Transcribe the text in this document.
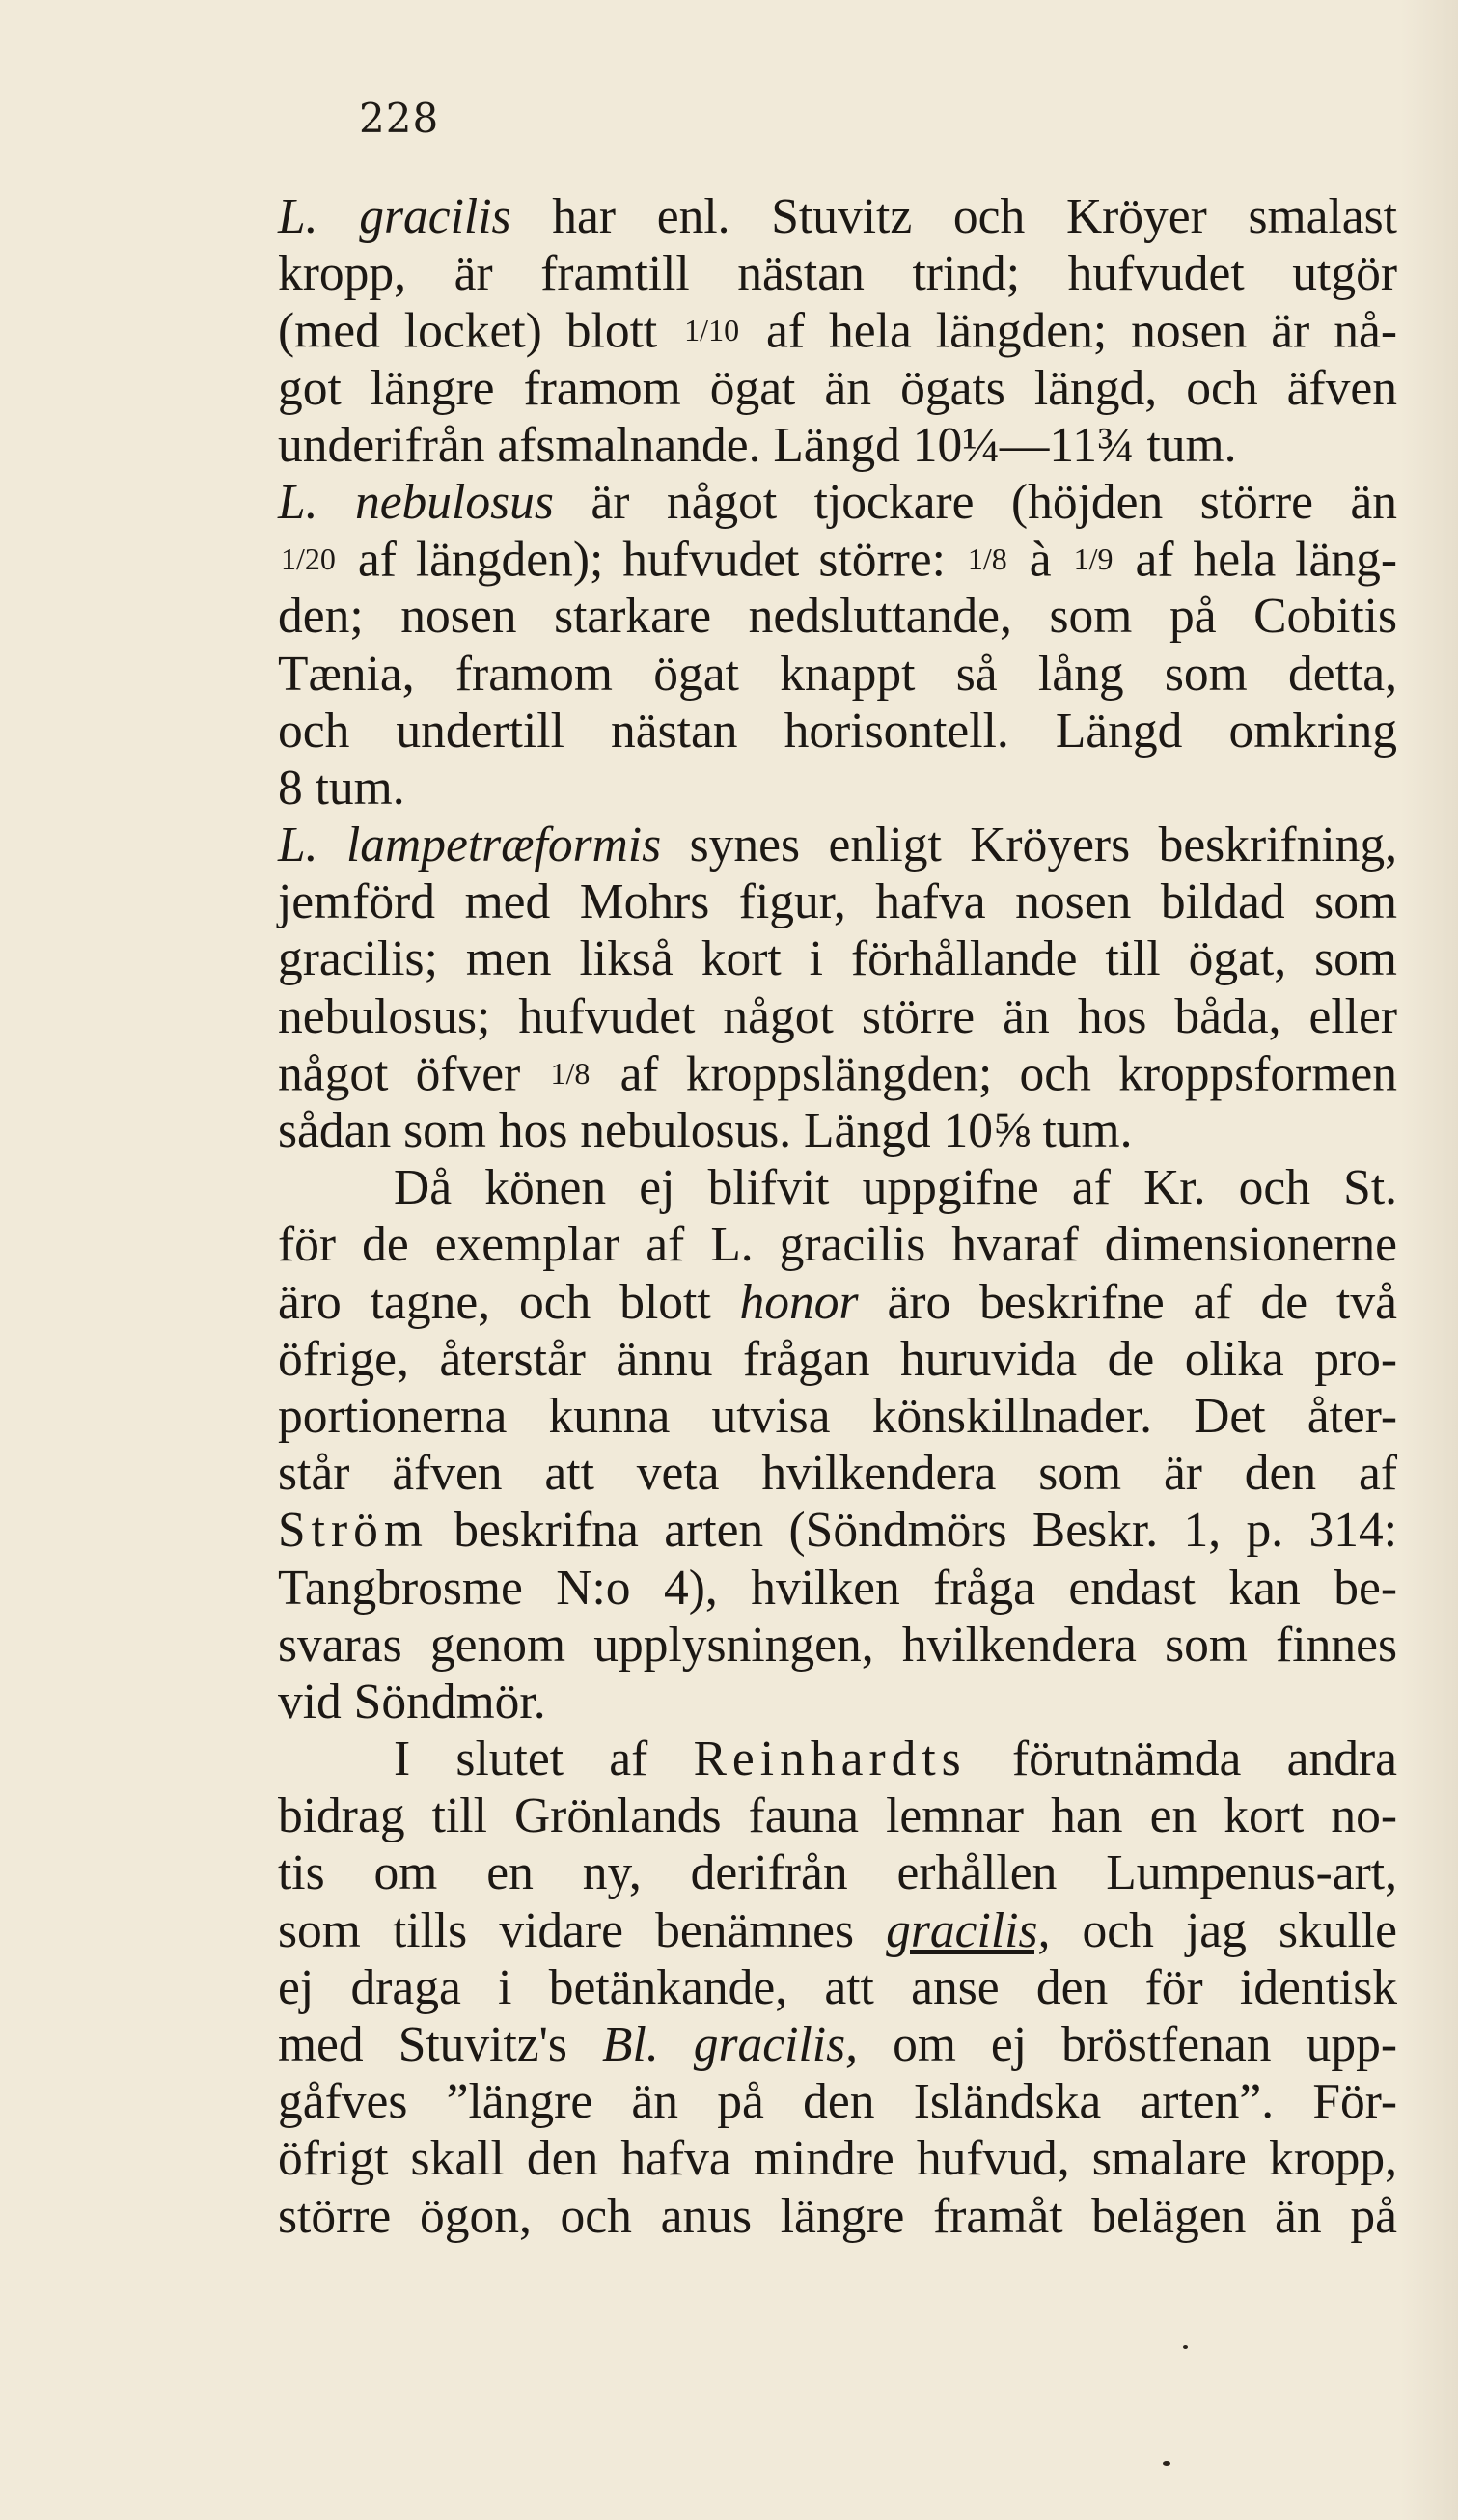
228
L. gracilis har enl. Stuvitz och Kröyer smalast
kropp, är framtill nästan trind; hufvudet utgör
(med locket) blott 1/10 af hela längden; nosen är nå-
got längre framom ögat än ögats längd, och äfven
underifrån afsmalnande. Längd 10¼—11¾ tum.
L. nebulosus är något tjockare (höjden större än
1/20 af längden); hufvudet större: 1/8 à 1/9 af hela läng-
den; nosen starkare nedsluttande, som på Cobitis
Tænia, framom ögat knappt så lång som detta,
och undertill nästan horisontell. Längd omkring
8 tum.
L. lampetræformis synes enligt Kröyers beskrifning,
jemförd med Mohrs figur, hafva nosen bildad som
gracilis; men likså kort i förhållande till ögat, som
nebulosus; hufvudet något större än hos båda, eller
något öfver 1/8 af kroppslängden; och kroppsformen
sådan som hos nebulosus. Längd 10⅝ tum.
Då könen ej blifvit uppgifne af Kr. och St.
för de exemplar af L. gracilis hvaraf dimensionerne
äro tagne, och blott honor äro beskrifne af de två
öfrige, återstår ännu frågan huruvida de olika pro-
portionerna kunna utvisa könskillnader. Det åter-
står äfven att veta hvilkendera som är den af
Ström beskrifna arten (Söndmörs Beskr. 1, p. 314:
Tangbrosme N:o 4), hvilken fråga endast kan be-
svaras genom upplysningen, hvilkendera som finnes
vid Söndmör.
I slutet af Reinhardts förutnämda andra
bidrag till Grönlands fauna lemnar han en kort no-
tis om en ny, derifrån erhållen Lumpenus-art,
som tills vidare benämnes gracilis, och jag skulle
ej draga i betänkande, att anse den för identisk
med Stuvitz's Bl. gracilis, om ej bröstfenan upp-
gåfves ”längre än på den Isländska arten”. För-
öfrigt skall den hafva mindre hufvud, smalare kropp,
större ögon, och anus längre framåt belägen än på
